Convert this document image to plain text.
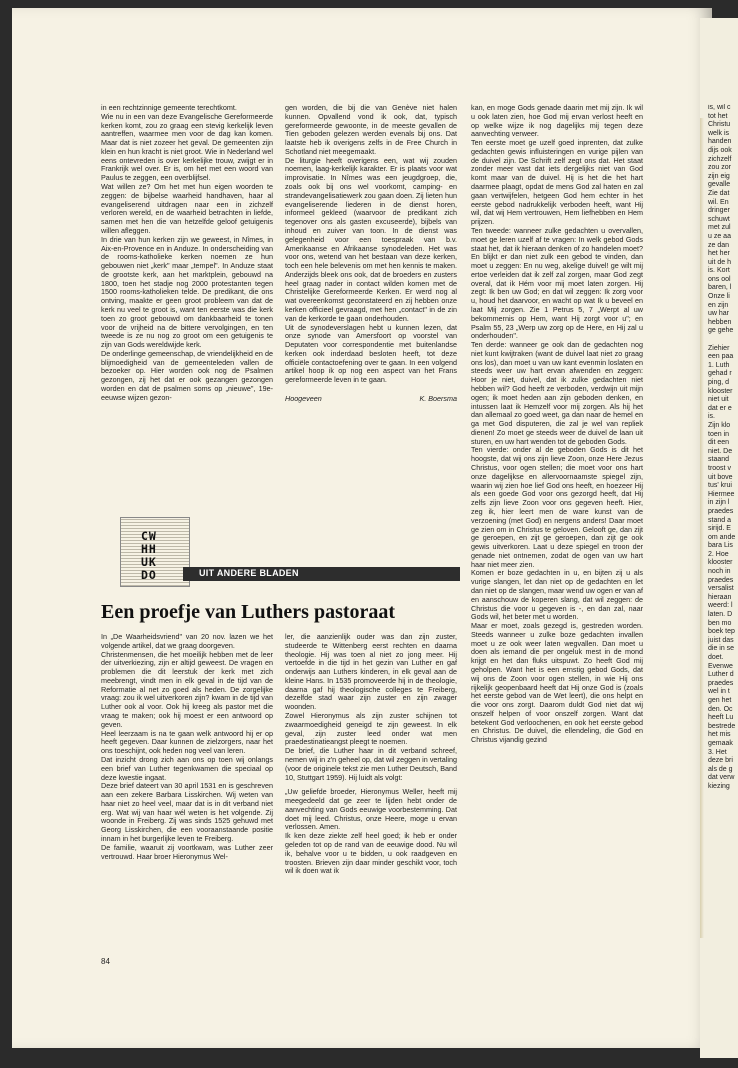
in een rechtzinnige gemeente terechtkomt.

Wie nu in een van deze Evangelische Gereformeerde kerken komt, zou zo graag een stevig kerkelijk leven aantreffen, waarmee men voor de dag kan komen. Maar dat is niet zozeer het geval. De gemeenten zijn klein en hun kracht is niet groot. Wie in Nederland wel eens ontevreden is over kerkelijke trouw, zwijgt er in Frankrijk wel over. Er is, om het met een woord van Paulus te zeggen, een overblijfsel.

Wat willen ze? Om het met hun eigen woorden te zeggen: de bijbelse waarheid handhaven, haar al evangeliserend uitdragen naar een in zichzelf verloren wereld, en de waarheid betrachten in liefde, samen met hen die van hetzelfde geloof getuigenis willen afleggen.

In drie van hun kerken zijn we geweest, in Nîmes, in Aix-en-Provence en in Anduze. In onderscheiding van de rooms-katholieke kerken noemen ze hun gebouwen niet „kerk" maar „tempel". In Anduze staat de grootste kerk, aan het marktplein, gebouwd na 1800, toen het stadje nog 2000 protestanten tegen 1500 rooms-katholieken telde. De predikant, die ons ontving, maakte er geen groot probleem van dat de kerk nu veel te groot is, want ten eerste was die kerk toen zo groot gebouwd om dankbaarheid te tonen voor de vrijheid na de bittere vervolgingen, en ten tweede is ze nu nog zo groot om een getuigenis te zijn van Gods wereldwijde kerk.

De onderlinge gemeenschap, de vriendelijkheid en de blijmoedigheid van de gemeenteleden vallen de bezoeker op. Hier worden ook nog de Psalmen gezongen, zij het dat er ook gezangen gezongen worden en dat de psalmen soms op „nieuwe", 19e-eeuwse wijzen gezon-

gen worden, die bij die van Genève niet halen kunnen. Opvallend vond ik ook, dat, typisch gereformeerde gewoonte, in de meeste gevallen de Tien geboden gelezen werden evenals bij ons. Dat laatste heb ik overigens zelfs in de Free Church in Schotland niet meegemaakt.

De liturgie heeft overigens een, wat wij zouden noemen, laag-kerkelijk karakter. Er is plaats voor wat improvisatie. In Nîmes was een jeugdgroep, die, zoals ook bij ons wel voorkomt, camping- en strandevangelisatiewerk zou gaan doen. Zij lieten hun evangeliserende liederen in de dienst horen, informeel gekleed (waarvoor de predikant zich tegenover ons als gasten excuseerde), bijbels van inhoud en zuiver van toon. In de dienst was gelegenheid voor een toespraak van b.v. Amerikaanse en Afrikaanse synodeleden. Het was voor ons, wetend van het bestaan van deze kerken, toch een hele belevenis om met hen kennis te maken. Anderzijds bleek ons ook, dat de broeders en zusters heel graag nader in contact wilden komen met de Christelijke Gereformeerde Kerken. Er werd nog al wat overeenkomst geconstateerd en zij hebben onze kerken officieel gevraagd, met hen „contact" in de zin van de kerkorde te gaan onderhouden.

Uit de synodeverslagen hebt u kunnen lezen, dat onze synode van Amersfoort op voorstel van Deputaten voor correspondentie met buitenlandse kerken ook inderdaad besloten heeft, tot deze officiële contactoefening over te gaan. In een volgend artikel hoop ik op nog een aspect van het Frans gereformeerde leven in te gaan.

Hoogeveen	K. Boersma

kan, en moge Gods genade daarin met mij zijn. Ik wil u ook laten zien, hoe God mij ervan verlost heeft en op welke wijze ik nog dagelijks mij tegen deze aanvechting verweer.

Ten eerste moet ge uzelf goed inprenten, dat zulke gedachten gewis influisteringen en vurige pijlen van de duivel zijn. De Schrift zelf zegt ons dat. Het staat zonder meer vast dat iets dergelijks niet van God komt maar van de duivel. Hij is het die het hart daarmee plaagt, opdat de mens God zal haten en zal gaan vertwijfelen, hetgeen God hem echter in het eerste gebod nadrukkelijk verboden heeft, want Hij wil, dat wij Hem vertrouwen, Hem liefhebben en Hem prijzen.

Ten tweede: wanneer zulke gedachten u overvallen, moet ge leren uzelf af te vragen: In welk gebod Gods staat het, dat ik hieraan denken of zo handelen moet? En blijkt er dan niet zulk een gebod te vinden, dan moet u zeggen: En nu weg, akelige duivel! ge wilt mij ertoe verleiden dat ik zelf zal zorgen, maar God zegt overal, dat ik Hém voor mij moet laten zorgen. Hij zegt: Ik ben uw God; en dat wil zeggen: Ik zorg voor u, houd het daarvoor, en wacht op wat Ik u beveel en laat Mij zorgen. Zie 1 Petrus 5, 7 „Werpt al uw bekommernis op Hem, want Hij zorgt voor u"; en Psalm 55, 23 „Werp uw zorg op de Here, en Hij zal u onderhouden".

Ten derde: wanneer ge ook dan de gedachten nog niet kunt kwijtraken (want de duivel laat niet zo graag ons los), dan moet u van uw kant evenmin loslaten en steeds weer uw hart ervan afwenden en zeggen: Hoor je niet, duivel, dat ik zulke gedachten niet hebben wil? God heeft ze verboden, verdwijn uit mijn ogen; ik moet heden aan zijn geboden denken, en intussen laat ik Hemzelf voor mij zorgen. Als hij het dan allemaal zo goed weet, ga dan naar de hemel en ga met God disputeren, die zal je wel van repliek dienen! Zo moet ge steeds weer de duivel de laan uit sturen, en uw hart wenden tot de geboden Gods.

Ten vierde: onder al de geboden Gods is dit het hoogste, dat wij ons zijn lieve Zoon, onze Here Jezus Christus, voor ogen stellen; die moet voor ons hart onze dagelijkse en allervoornaamste spiegel zijn, waarin wij zien hoe lief God ons heeft, en hoezeer Hij als een goede God voor ons gezorgd heeft, dat Hij zelfs zijn lieve Zoon voor ons gegeven heeft. Hier, zeg ik, hier leert men de ware kunst van de verzoening (met God) en nergens anders! Daar moet ge zien om in Christus te geloven. Gelooft ge, dan zijt ge geroepen, en zijt ge geroepen, dan zijt ge ook gewis uitverkoren. Laat u deze spiegel en troon der genade niet ontnemen, zodat de ogen van uw hart haar niet meer zien.

Komen er boze gedachten in u, en bijten zij u als vurige slangen, let dan niet op de gedachten en let dan niet op de slangen, maar wend uw ogen er van af en aanschouw de koperen slang, dat wil zeggen: de Christus die voor u gegeven is -, en dan zal, naar Gods wil, het beter met u worden.

Maar er moet, zoals gezegd is, gestreden worden. Steeds wanneer u zulke boze gedachten invallen moet u ze ook weer laten wegvallen. Dan moet u doen als iemand die per ongeluk mest in de mond krijgt en het dan fluks uitspuwt. Zo heeft God mij geholpen. Want het is een ernstig gebod Gods, dat wij ons de Zoon voor ogen stellen, in wie Hij ons rijkelijk geopenbaard heeft dat Hij onze God is (zoals het eerste gebod van de Wet leert), die ons helpt en die voor ons zorgt. Daarom duldt God niet dat wij onszelf helpen of voor onszelf zorgen. Want dat betekent God verloochenen, en ook het eerste gebod en Christus. De duivel, die ellendeling, die God en Christus vijandig gezind

CW
HH
UK
DO	UIT ANDERE BLADEN
Een proefje van Luthers pastoraat

In „De Waarheidsvriend" van 20 nov. lazen we het volgende artikel, dat we graag doorgeven.

Christenmensen, die het moeilijk hebben met de leer der uitverkiezing, zijn er altijd geweest. De vragen en problemen die dit leerstuk der kerk met zich meebrengt, vindt men in elk geval in de tijd van de Reformatie al net zo goed als heden. De zorgelijke vraag: zou ik wel uitverkoren zijn? kwam in de tijd van Luther ook al voor. Ook hij kreeg als pastor met die vraag te maken; ook hij moest er een antwoord op geven.

Heel leerzaam is na te gaan welk antwoord hij er op heeft gegeven. Daar kunnen de zielzorgers, naar het ons toeschijnt, ook heden nog veel van leren.

Dat inzicht drong zich aan ons op toen wij onlangs een brief van Luther tegenkwamen die speciaal op deze kwestie ingaat.

Deze brief dateert van 30 april 1531 en is geschreven aan een zekere Barbara Lisskirchen. Wij weten van haar niet zo heel veel, maar dat is in dit verband niet erg. Wat wij van haar wél weten is het volgende. Zij woonde in Freiberg. Zij was sinds 1525 gehuwd met Georg Lisskirchen, die een vooraanstaande positie innam in het burgerlijke leven te Freiberg.

De familie, waaruit zij voortkwam, was Luther zeer vertrouwd. Haar broer Hieronymus Wel-

ler, die aanzienlijk ouder was dan zijn zuster, studeerde te Wittenberg eerst rechten en daarna theologie. Hij was toen al niet zo jong meer. Hij vertoefde in die tijd in het gezin van Luther en gaf onderwijs aan Luthers kinderen, in elk geval aan de kleine Hans. In 1535 promoveerde hij in de theologie, daarna gaf hij theologische colleges te Freiberg, dezelfde stad waar zijn zuster en zijn zwager woonden.

Zowel Hieronymus als zijn zuster schijnen tot zwaarmoedigheid geneigd te zijn geweest. In elk geval, zijn zuster leed onder wat men praedestinatieangst pleegt te noemen.

De brief, die Luther haar in dit verband schreef, nemen wij in z'n geheel op, dat wil zeggen in vertaling (voor de originele tekst zie men Luther Deutsch, Band 10, Stuttgart 1959). Hij luidt als volgt:

„Uw geliefde broeder, Hieronymus Weller, heeft mij meegedeeld dat ge zeer te lijden hebt onder de aanvechting van Gods eeuwige voorbestemming. Dat doet mij leed. Christus, onze Heere, moge u ervan verlossen. Amen.

Ik ken deze ziekte zelf heel goed; ik heb er onder geleden tot op de rand van de eeuwige dood. Nu wil ik, behalve voor u te bidden, u ook raadgeven en troosten. Brieven zijn daar minder geschikt voor, toch wil ik doen wat ik

is, wil c
tot het
Christu
welk is
handen
dijs ook
zichzelf
zou zor
zijn eig
gevalle
Zie dat
wil. En
dringer
schuwt
met zul
u ze aa
ze dan
het her
uit de h
is. Kort
ons ool
baren, l
Onze li
en zijn
uw har
hebben
ge gehe
Ziehier
een paa
1. Luth
gehad r
ping, d
klooster
niet uit
dat er e
is.
Zijn klo
toen in
dit een
niet. De
staand
troost v
uit bove
tus' krui
Hiermee
in zijn l
praedes
stand a
sirijd. E
om ande
bara Lis
2. Hoe
klooster
noch in
praedes
versalist
hieraan
weerd: l
laten. D
ben mo
boek tep
juist das
die in se
doet.
Evenwe
Luther d
praedes
wel in t
gen het
den. Oc
heeft Lu
bestrede
het mis
gemaak
3. Het
deze bri
als de g
dat verw
kiezing
84
